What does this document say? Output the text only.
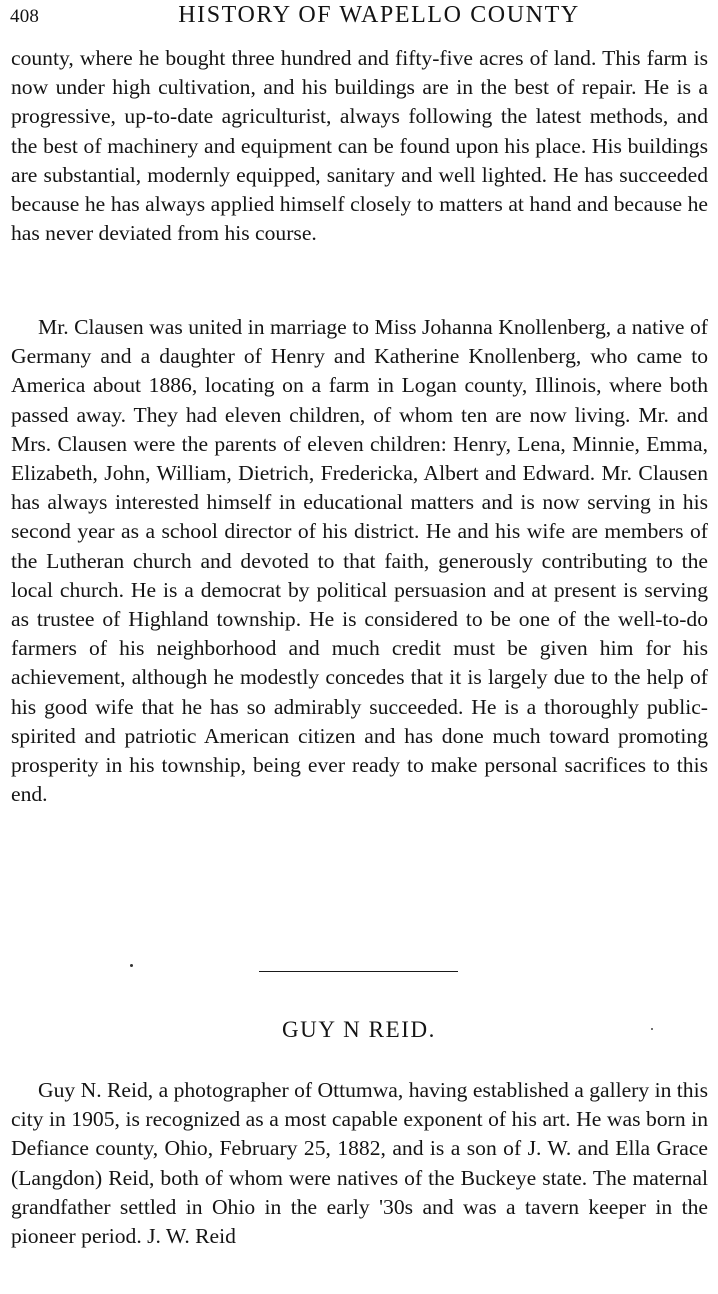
408	HISTORY OF WAPELLO COUNTY

county, where he bought three hundred and fifty-five acres of land. This farm is now under high cultivation, and his buildings are in the best of repair. He is a progressive, up-to-date agriculturist, always following the latest methods, and the best of machinery and equipment can be found upon his place. His buildings are substantial, modernly equipped, sanitary and well lighted. He has succeeded because he has always applied himself closely to matters at hand and because he has never deviated from his course.

Mr. Clausen was united in marriage to Miss Johanna Knollenberg, a native of Germany and a daughter of Henry and Katherine Knollenberg, who came to America about 1886, locating on a farm in Logan county, Illinois, where both passed away. They had eleven children, of whom ten are now living. Mr. and Mrs. Clausen were the parents of eleven children: Henry, Lena, Minnie, Emma, Elizabeth, John, William, Dietrich, Fredericka, Albert and Edward. Mr. Clausen has always interested himself in educational matters and is now serving in his second year as a school director of his district. He and his wife are members of the Lutheran church and devoted to that faith, generously contributing to the local church. He is a democrat by political persuasion and at present is serving as trustee of Highland township. He is considered to be one of the well-to-do farmers of his neighborhood and much credit must be given him for his achievement, although he modestly concedes that it is largely due to the help of his good wife that he has so admirably succeeded. He is a thoroughly public-spirited and patriotic American citizen and has done much toward promoting prosperity in his township, being ever ready to make personal sacrifices to this end.

GUY N REID.

Guy N. Reid, a photographer of Ottumwa, having established a gallery in this city in 1905, is recognized as a most capable exponent of his art. He was born in Defiance county, Ohio, February 25, 1882, and is a son of J. W. and Ella Grace (Langdon) Reid, both of whom were natives of the Buckeye state. The maternal grandfather settled in Ohio in the early '30s and was a tavern keeper in the pioneer period. J. W. Reid
